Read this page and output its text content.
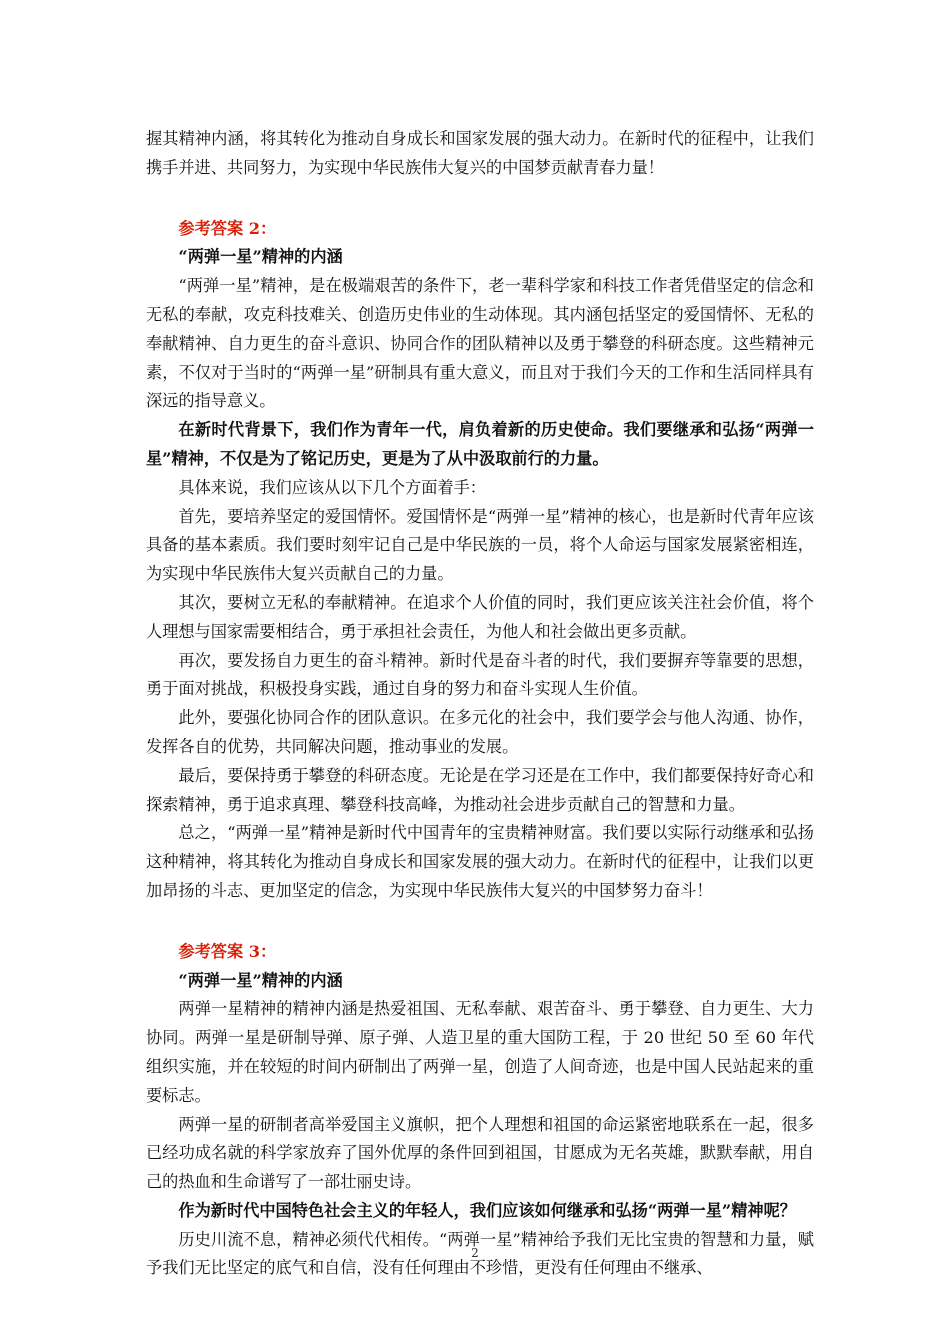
握其精神内涵，将其转化为推动自身成长和国家发展的强大动力。在新时代的征程中，让我们携手并进、共同努力，为实现中华民族伟大复兴的中国梦贡献青春力量！

参考答案 2：

“两弹一星”精神的内涵

“两弹一星”精神，是在极端艰苦的条件下，老一辈科学家和科技工作者凭借坚定的信念和无私的奉献，攻克科技难关、创造历史伟业的生动体现。其内涵包括坚定的爱国情怀、无私的奉献精神、自力更生的奋斗意识、协同合作的团队精神以及勇于攀登的科研态度。这些精神元素，不仅对于当时的“两弹一星”研制具有重大意义，而且对于我们今天的工作和生活同样具有深远的指导意义。

在新时代背景下，我们作为青年一代，肩负着新的历史使命。我们要继承和弘扬“两弹一星”精神，不仅是为了铭记历史，更是为了从中汲取前行的力量。

具体来说，我们应该从以下几个方面着手：

首先，要培养坚定的爱国情怀。爱国情怀是“两弹一星”精神的核心，也是新时代青年应该具备的基本素质。我们要时刻牢记自己是中华民族的一员，将个人命运与国家发展紧密相连，为实现中华民族伟大复兴贡献自己的力量。

其次，要树立无私的奉献精神。在追求个人价值的同时，我们更应该关注社会价值，将个人理想与国家需要相结合，勇于承担社会责任，为他人和社会做出更多贡献。

再次，要发扬自力更生的奋斗精神。新时代是奋斗者的时代，我们要摒弃等靠要的思想，勇于面对挑战，积极投身实践，通过自身的努力和奋斗实现人生价值。

此外，要强化协同合作的团队意识。在多元化的社会中，我们要学会与他人沟通、协作，发挥各自的优势，共同解决问题，推动事业的发展。

最后，要保持勇于攀登的科研态度。无论是在学习还是在工作中，我们都要保持好奇心和探索精神，勇于追求真理、攀登科技高峰，为推动社会进步贡献自己的智慧和力量。

总之，“两弹一星”精神是新时代中国青年的宝贵精神财富。我们要以实际行动继承和弘扬这种精神，将其转化为推动自身成长和国家发展的强大动力。在新时代的征程中，让我们以更加昂扬的斗志、更加坚定的信念，为实现中华民族伟大复兴的中国梦努力奋斗！

参考答案 3：

“两弹一星”精神的内涵

两弹一星精神的精神内涵是热爱祖国、无私奉献、艰苦奋斗、勇于攀登、自力更生、大力协同。两弹一星是研制导弹、原子弹、人造卫星的重大国防工程，于 20 世纪 50 至 60 年代组织实施，并在较短的时间内研制出了两弹一星，创造了人间奇迹，也是中国人民站起来的重要标志。

两弹一星的研制者高举爱国主义旗帜，把个人理想和祖国的命运紧密地联系在一起，很多已经功成名就的科学家放弃了国外优厚的条件回到祖国，甘愿成为无名英雄，默默奉献，用自己的热血和生命谱写了一部壮丽史诗。

作为新时代中国特色社会主义的年轻人，我们应该如何继承和弘扬“两弹一星”精神呢？

历史川流不息，精神必须代代相传。“两弹一星”精神给予我们无比宝贵的智慧和力量，赋予我们无比坚定的底气和自信，没有任何理由不珍惜，更没有任何理由不继承、

2
